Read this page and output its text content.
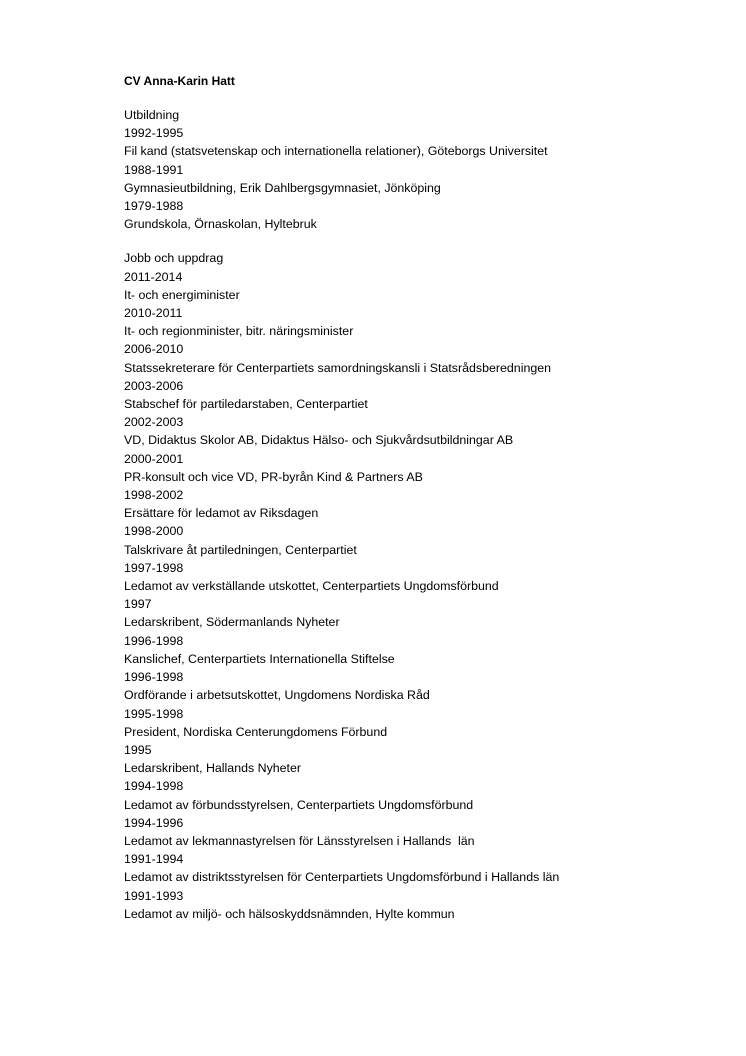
CV Anna-Karin Hatt
Utbildning
1992-1995
Fil kand (statsvetenskap och internationella relationer), Göteborgs Universitet
1988-1991
Gymnasieutbildning, Erik Dahlbergsgymnasiet, Jönköping
1979-1988
Grundskola, Örnaskolan, Hyltebruk
Jobb och uppdrag
2011-2014
It- och energiminister
2010-2011
It- och regionminister, bitr. näringsminister
2006-2010
Statssekreterare för Centerpartiets samordningskansli i Statsrådsberedningen
2003-2006
Stabschef för partiledarstaben, Centerpartiet
2002-2003
VD, Didaktus Skolor AB, Didaktus Hälso- och Sjukvårdsutbildningar AB
2000-2001
PR-konsult och vice VD, PR-byrån Kind & Partners AB
1998-2002
Ersättare för ledamot av Riksdagen
1998-2000
Talskrivare åt partiledningen, Centerpartiet
1997-1998
Ledamot av verkställande utskottet, Centerpartiets Ungdomsförbund
1997
Ledarskribent, Södermanlands Nyheter
1996-1998
Kanslichef, Centerpartiets Internationella Stiftelse
1996-1998
Ordförande i arbetsutskottet, Ungdomens Nordiska Råd
1995-1998
President, Nordiska Centerungdomens Förbund
1995
Ledarskribent, Hallands Nyheter
1994-1998
Ledamot av förbundsstyrelsen, Centerpartiets Ungdomsförbund
1994-1996
Ledamot av lekmannastyrelsen för Länsstyrelsen i Hallands  län
1991-1994
Ledamot av distriktsstyrelsen för Centerpartiets Ungdomsförbund i Hallands län
1991-1993
Ledamot av miljö- och hälsoskyddsnämnden, Hylte kommun
